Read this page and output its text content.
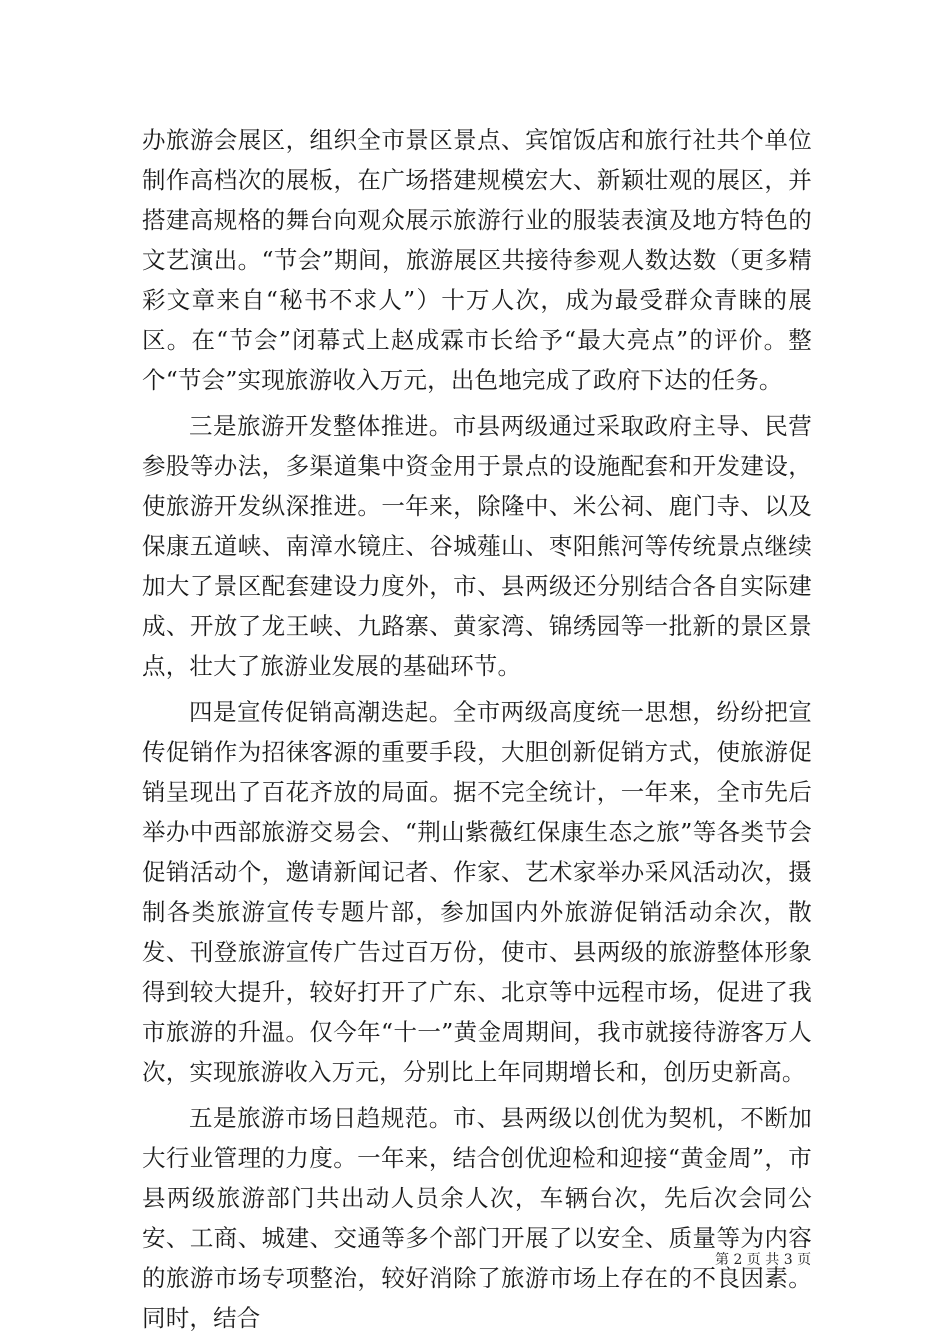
办旅游会展区，组织全市景区景点、宾馆饭店和旅行社共个单位制作高档次的展板，在广场搭建规模宏大、新颖壮观的展区，并搭建高规格的舞台向观众展示旅游行业的服装表演及地方特色的文艺演出。“节会”期间，旅游展区共接待参观人数达数（更多精彩文章来自“秘书不求人”）十万人次，成为最受群众青睐的展区。在“节会”闭幕式上赵成霖市长给予“最大亮点”的评价。整个“节会”实现旅游收入万元，出色地完成了政府下达的任务。

三是旅游开发整体推进。市县两级通过采取政府主导、民营参股等办法，多渠道集中资金用于景点的设施配套和开发建设，使旅游开发纵深推进。一年来，除隆中、米公祠、鹿门寺、以及保康五道峡、南漳水镜庄、谷城薤山、枣阳熊河等传统景点继续加大了景区配套建设力度外，市、县两级还分别结合各自实际建成、开放了龙王峡、九路寨、黄家湾、锦绣园等一批新的景区景点，壮大了旅游业发展的基础环节。

四是宣传促销高潮迭起。全市两级高度统一思想，纷纷把宣传促销作为招徕客源的重要手段，大胆创新促销方式，使旅游促销呈现出了百花齐放的局面。据不完全统计，一年来，全市先后举办中西部旅游交易会、“荆山紫薇红保康生态之旅”等各类节会促销活动个，邀请新闻记者、作家、艺术家举办采风活动次，摄制各类旅游宣传专题片部，参加国内外旅游促销活动余次，散发、刊登旅游宣传广告过百万份，使市、县两级的旅游整体形象得到较大提升，较好打开了广东、北京等中远程市场，促进了我市旅游的升温。仅今年“十一”黄金周期间，我市就接待游客万人次，实现旅游收入万元，分别比上年同期增长和，创历史新高。

五是旅游市场日趋规范。市、县两级以创优为契机，不断加大行业管理的力度。一年来，结合创优迎检和迎接“黄金周”，市县两级旅游部门共出动人员余人次，车辆台次，先后次会同公安、工商、城建、交通等多个部门开展了以安全、质量等为内容的旅游市场专项整治，较好消除了旅游市场上存在的不良因素。同时，结合

第 2 页 共 3 页
